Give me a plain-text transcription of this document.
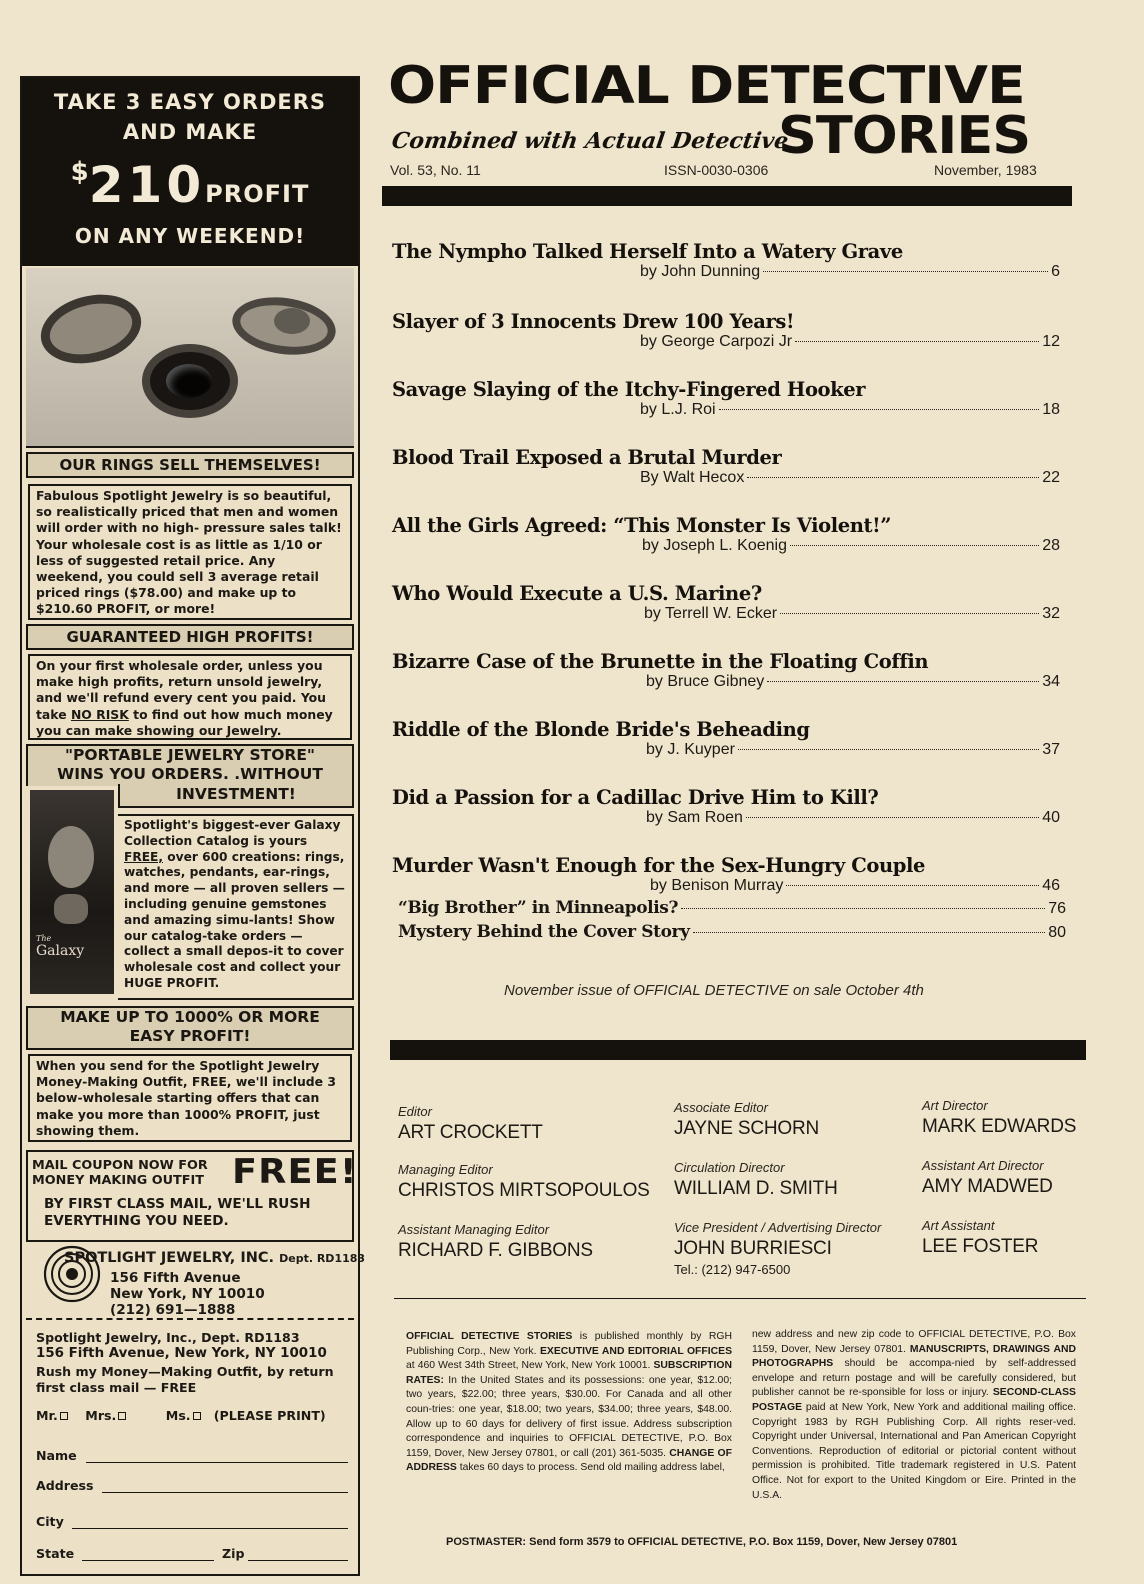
TAKE 3 EASY ORDERS
AND MAKE
$210PROFIT
ON ANY WEEKEND!
OUR RINGS SELL THEMSELVES!
Fabulous Spotlight Jewelry is so beautiful, so realistically priced that men and women will order with no high- pressure sales talk! Your wholesale cost is as little as 1/10 or less of suggested retail price. Any weekend, you could sell 3 average retail priced rings ($78.00) and make up to $210.60 PROFIT, or more!
GUARANTEED HIGH PROFITS!
On your first wholesale order, unless you make high profits, return unsold jewelry, and we'll refund every cent you paid. You take NO RISK to find out how much money you can make showing our Jewelry.
"PORTABLE JEWELRY STORE"
WINS YOU ORDERS. .WITHOUT
INVESTMENT!
The
Galaxy
Spotlight's biggest-ever Galaxy Collection Catalog is yours FREE, over 600 creations: rings, watches, pendants, ear-rings, and more — all proven sellers — including genuine gemstones and amazing simu-lants! Show our catalog-take orders — collect a small depos-it to cover wholesale cost and collect your HUGE PROFIT.
MAKE UP TO 1000% OR MORE
EASY PROFIT!
When you send for the Spotlight Jewelry Money-Making Outfit, FREE, we'll include 3 below-wholesale starting offers that can make you more than 1000% PROFIT, just showing them.
MAIL COUPON NOW FOR
MONEY MAKING OUTFIT FREE!
BY FIRST CLASS MAIL, WE'LL RUSH
EVERYTHING YOU NEED.
SPOTLIGHT JEWELRY, INC. Dept. RD1183
156 Fifth Avenue
New York, NY 10010
(212) 691—1888
Spotlight Jewelry, Inc., Dept. RD1183
156 Fifth Avenue, New York, NY 10010
Rush my Money—Making Outfit, by return
first class mail — FREE
Mr. Mrs.	Ms. (PLEASE PRINT)
Name
Address
City
State	Zip
OFFICIAL DETECTIVE
Combined with Actual Detective
STORIES
Vol. 53, No. 11	ISSN-0030-0306	November, 1983
The Nympho Talked Herself Into a Watery Grave
by John Dunning	6
Slayer of 3 Innocents Drew 100 Years!
by George Carpozi Jr	12
Savage Slaying of the Itchy-Fingered Hooker
by L.J. Roi	18
Blood Trail Exposed a Brutal Murder
By Walt Hecox	22
All the Girls Agreed: “This Monster Is Violent!”
by Joseph L. Koenig	28
Who Would Execute a U.S. Marine?
by Terrell W. Ecker	32
Bizarre Case of the Brunette in the Floating Coffin
by Bruce Gibney	34
Riddle of the Blonde Bride's Beheading
by J. Kuyper	37
Did a Passion for a Cadillac Drive Him to Kill?
by Sam Roen	40
Murder Wasn't Enough for the Sex-Hungry Couple
by Benison Murray	46
“Big Brother” in Minneapolis?	76
Mystery Behind the Cover Story	80
November issue of OFFICIAL DETECTIVE on sale October 4th
Editor
ART CROCKETT
Associate Editor
JAYNE SCHORN
Art Director
MARK EDWARDS
Managing Editor
CHRISTOS MIRTSOPOULOS
Circulation Director
WILLIAM D. SMITH
Assistant Art Director
AMY MADWED
Assistant Managing Editor
RICHARD F. GIBBONS
Vice President / Advertising Director
JOHN BURRIESCI
Tel.: (212) 947-6500
Art Assistant
LEE FOSTER
OFFICIAL DETECTIVE STORIES is published monthly by RGH Publishing Corp., New York. EXECUTIVE AND EDITORIAL OFFICES at 460 West 34th Street, New York, New York 10001. SUBSCRIPTION RATES: In the United States and its possessions: one year, $12.00; two years, $22.00; three years, $30.00. For Canada and all other coun-tries: one year, $18.00; two years, $34.00; three years, $48.00. Allow up to 60 days for delivery of first issue. Address subscription correspondence and inquiries to OFFICIAL DETECTIVE, P.O. Box 1159, Dover, New Jersey 07801, or call (201) 361-5035. CHANGE OF ADDRESS takes 60 days to process. Send old mailing address label,
new address and new zip code to OFFICIAL DETECTIVE, P.O. Box 1159, Dover, New Jersey 07801. MANUSCRIPTS, DRAWINGS AND PHOTOGRAPHS should be accompa-nied by self-addressed envelope and return postage and will be carefully considered, but publisher cannot be re-sponsible for loss or injury. SECOND-CLASS POSTAGE paid at New York, New York and additional mailing office. Copyright 1983 by RGH Publishing Corp. All rights reser-ved. Copyright under Universal, International and Pan American Copyright Conventions. Reproduction of editorial or pictorial content without permission is prohibited. Title trademark registered in U.S. Patent Office. Not for export to the United Kingdom or Eire. Printed in the U.S.A.
POSTMASTER: Send form 3579 to OFFICIAL DETECTIVE, P.O. Box 1159, Dover, New Jersey 07801
